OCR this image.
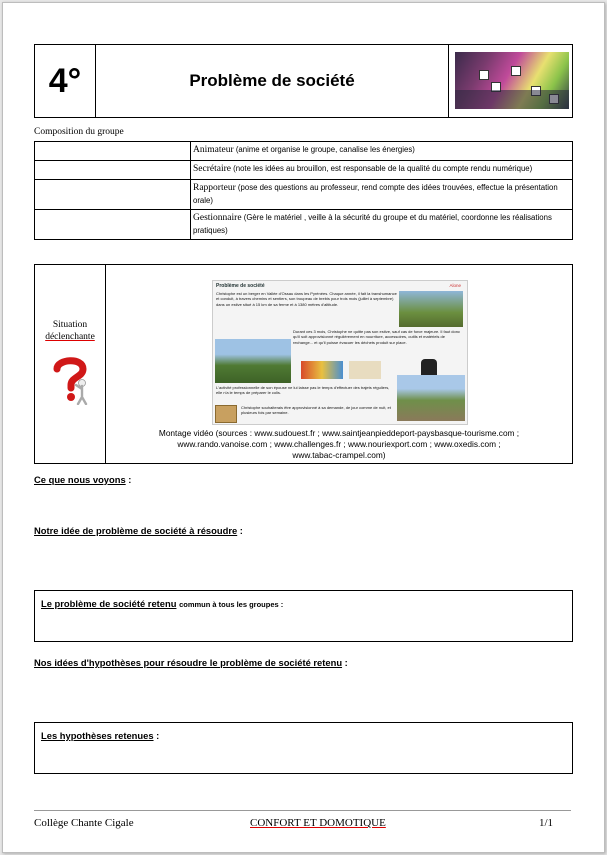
4°	Problème de société
Composition du groupe
	Animateur (anime et organise le groupe, canalise les énergies)
	Secrétaire (note les idées au brouillon, est responsable de la qualité du compte rendu numérique)
	Rapporteur (pose des questions au professeur, rend compte des idées trouvées, effectue la présentation orale)
	Gestionnaire (Gère le matériel , veille à la sécurité du groupe et du matériel, coordonne les réalisations pratiques)
Situation
déclenchante
Problème de société	Alone
Christophe est un berger en Vallée d'Ossau dans les Pyrénées. Chaque année, il fait la transhumance et conduit, à travers chemins et sentiers, son troupeau de brebis pour trois mois (juillet à septembre) dans un estive situé à 15 km de sa ferme et à 1380 mètres d'altitude.
Durant ces 3 mois, Christophe ne quitte pas son estive, sauf cas de force majeure. Il faut donc qu'il soit approvisionné régulièrement en nourriture, accessoires, outils et matériels de rechange... et qu'il puisse évacuer les déchets produit sur place.
L'activité professionnelle de son épouse ne lui laisse pas le temps d'effectuer des trajets réguliers, elle n'a le temps de préparer le colis.
Christophe souhaiterais être approvisionné à sa demande, de jour comme de nuit, et plusieurs fois par semaine.
Montage vidéo (sources : www.sudouest.fr ; www.saintjeanpieddeport-paysbasque-tourisme.com ;
www.rando.vanoise.com ; www.challenges.fr ; www.nouriexport.com ; www.oxedis.com ;
www.tabac-crampel.com)
Ce que nous voyons :
Notre idée de problème de société à résoudre :
Le problème de société retenu commun à tous les groupes :
Nos idées d'hypothèses pour résoudre le problème de société retenu :
Les hypothèses retenues :
Collège Chante Cigale	CONFORT ET DOMOTIQUE	1/1
